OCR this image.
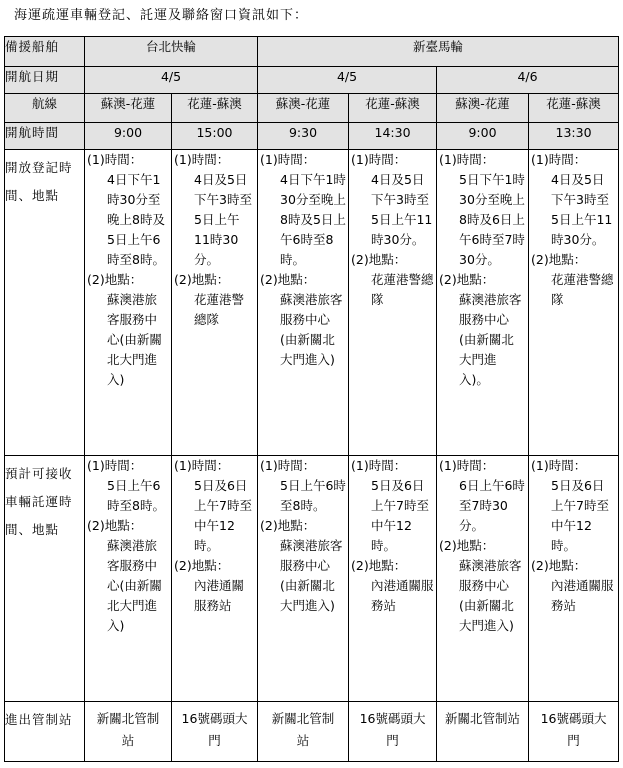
海運疏運車輛登記、託運及聯絡窗口資訊如下：
備援船舶	台北快輪		新臺馬輪			
開航日期	4/5		4/5		4/6	
航線	蘇澳-花蓮	花蓮-蘇澳	蘇澳-花蓮	花蓮-蘇澳	蘇澳-花蓮	花蓮-蘇澳
開航時間	9:00	15:00	9:30	14:30	9:00	13:30
開放登記時間、地點	(1)時間：
4日下午1時30分至晚上8時及5日上午6時至8時。
(2)地點：
蘇澳港旅客服務中心(由新關北大門進入)	(1)時間：
4日及5日下午3時至5日上午11時30分。
(2)地點：
花蓮港警總隊	(1)時間：
4日下午1時30分至晚上8時及5日上午6時至8時。
(2)地點：
蘇澳港旅客服務中心(由新關北大門進入)	(1)時間：
4日及5日下午3時至5日上午11時30分。
(2)地點：
花蓮港警總隊	(1)時間：
5日下午1時30分至晚上8時及6日上午6時至7時30分。
(2)地點：
蘇澳港旅客服務中心(由新關北大門進入)。	(1)時間：
4日及5日下午3時至5日上午11時30分。
(2)地點：
花蓮港警總隊

預計可接收車輛託運時間、地點	(1)時間：
5日上午6時至8時。
(2)地點：
蘇澳港旅客服務中心(由新關北大門進入)	(1)時間：
5日及6日上午7時至中午12時。
(2)地點：
內港通關服務站	(1)時間：
5日上午6時至8時。
(2)地點：
蘇澳港旅客服務中心(由新關北大門進入)	(1)時間：
5日及6日上午7時至中午12時。
(2)地點：
內港通關服務站	(1)時間：
6日上午6時至7時30分。
(2)地點：
蘇澳港旅客服務中心(由新關北大門進入)	(1)時間：
5日及6日上午7時至中午12時。
(2)地點：
內港通關服務站

進出管制站	新關北管制站	16號碼頭大門	新關北管制站	16號碼頭大門	新關北管制站	16號碼頭大門
